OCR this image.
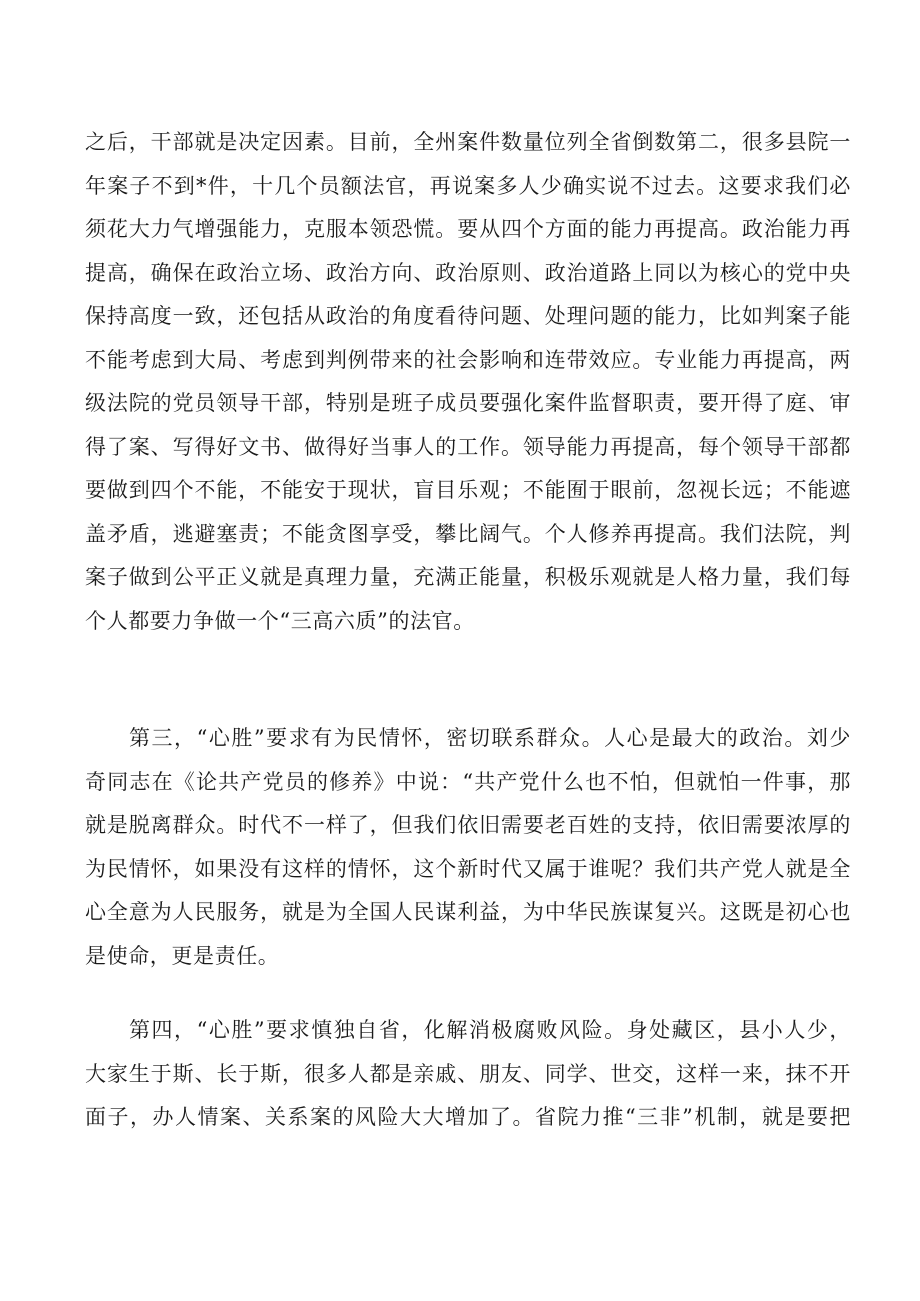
之后，干部就是决定因素。目前，全州案件数量位列全省倒数第二，很多县院一
年案子不到*件，十几个员额法官，再说案多人少确实说不过去。这要求我们必
须花大力气增强能力，克服本领恐慌。要从四个方面的能力再提高。政治能力再
提高，确保在政治立场、政治方向、政治原则、政治道路上同以为核心的党中央
保持高度一致，还包括从政治的角度看待问题、处理问题的能力，比如判案子能
不能考虑到大局、考虑到判例带来的社会影响和连带效应。专业能力再提高，两
级法院的党员领导干部，特别是班子成员要强化案件监督职责，要开得了庭、审
得了案、写得好文书、做得好当事人的工作。领导能力再提高，每个领导干部都
要做到四个不能，不能安于现状，盲目乐观；不能囿于眼前，忽视长远；不能遮
盖矛盾，逃避塞责；不能贪图享受，攀比阔气。个人修养再提高。我们法院，判
案子做到公平正义就是真理力量，充满正能量，积极乐观就是人格力量，我们每
个人都要力争做一个“三高六质”的法官。
第三，“心胜”要求有为民情怀，密切联系群众。人心是最大的政治。刘少
奇同志在《论共产党员的修养》中说：“共产党什么也不怕，但就怕一件事，那
就是脱离群众。时代不一样了，但我们依旧需要老百姓的支持，依旧需要浓厚的
为民情怀，如果没有这样的情怀，这个新时代又属于谁呢？我们共产党人就是全
心全意为人民服务，就是为全国人民谋利益，为中华民族谋复兴。这既是初心也
是使命，更是责任。
第四，“心胜”要求慎独自省，化解消极腐败风险。身处藏区，县小人少，
大家生于斯、长于斯，很多人都是亲戚、朋友、同学、世交，这样一来，抹不开
面子，办人情案、关系案的风险大大增加了。省院力推“三非”机制，就是要把
